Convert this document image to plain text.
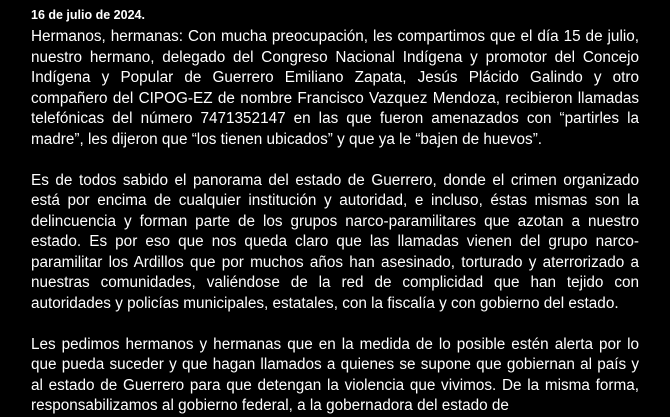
16 de julio de 2024.

Hermanos, hermanas: Con mucha preocupación, les compartimos que el día 15 de julio, nuestro hermano, delegado del Congreso Nacional Indígena y promotor del Concejo Indígena y Popular de Guerrero Emiliano Zapata, Jesús Plácido Galindo y otro compañero del CIPOG-EZ de nombre Francisco Vazquez Mendoza, recibieron llamadas telefónicas del número 7471352147 en las que fueron amenazados con “partirles la madre”, les dijeron que “los tienen ubicados” y que ya le “bajen de huevos”.

Es de todos sabido el panorama del estado de Guerrero, donde el crimen organizado está por encima de cualquier institución y autoridad, e incluso, éstas mismas son la delincuencia y forman parte de los grupos narco-paramilitares que azotan a nuestro estado. Es por eso que nos queda claro que las llamadas vienen del grupo narco-paramilitar los Ardillos que por muchos años han asesinado, torturado y aterrorizado a nuestras comunidades, valiéndose de la red de complicidad que han tejido con autoridades y policías municipales, estatales, con la fiscalía y con gobierno del estado.

Les pedimos hermanos y hermanas que en la medida de lo posible estén alerta por lo que pueda suceder y que hagan llamados a quienes se supone que gobiernan al país y al estado de Guerrero para que detengan la violencia que vivimos. De la misma forma, responsabilizamos al gobierno federal, a la gobernadora del estado de
